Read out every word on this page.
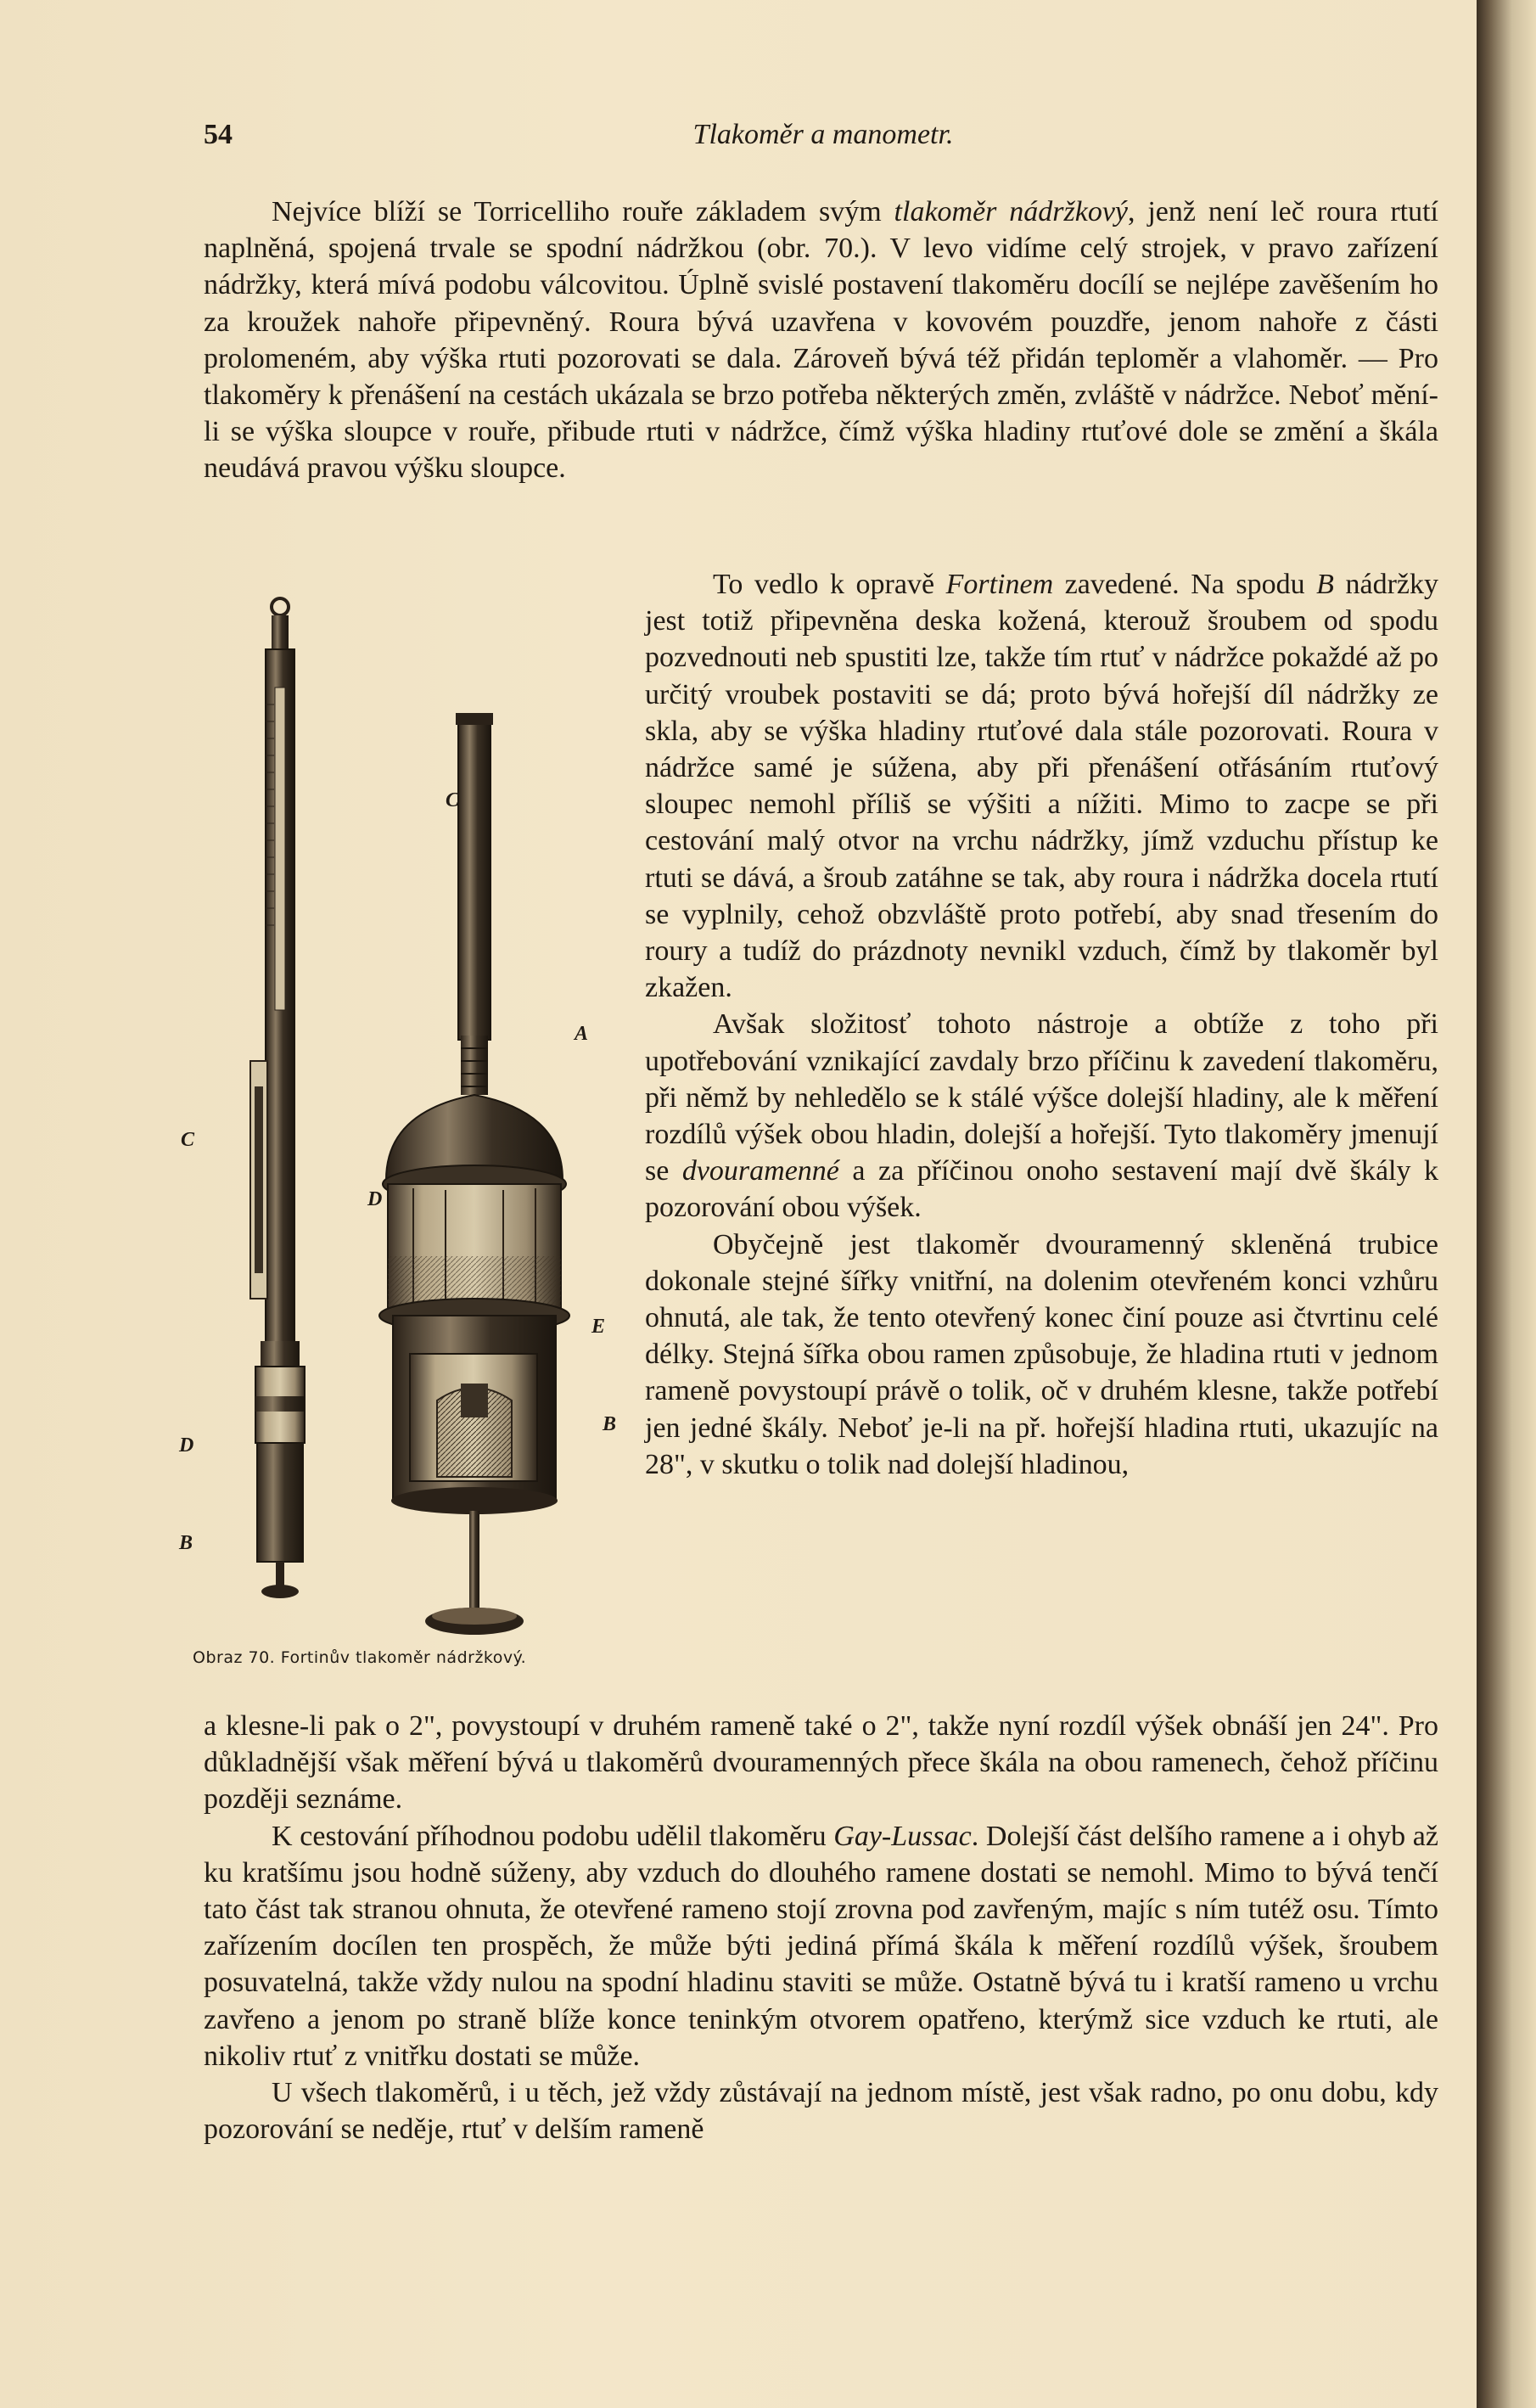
54	Tlakoměr a manometr.

Nejvíce blíží se Torricelliho rouře základem svým tlakoměr nádržkový, jenž není leč roura rtutí naplněná, spojená trvale se spodní nádržkou (obr. 70.). V levo vidíme celý strojek, v pravo zařízení nádržky, která mívá podobu válcovitou. Úplně svislé postavení tlakoměru docílí se nejlépe zavěšením ho za kroužek nahoře připevněný. Roura bývá uzavřena v kovovém pouzdře, jenom nahoře z části prolomeném, aby výška rtuti pozorovati se dala. Zároveň bývá též přidán teploměr a vlahoměr. — Pro tlakoměry k přenášení na cestách ukázala se brzo potřeba některých změn, zvláště v nádržce. Neboť mění-li se výška sloupce v rouře, přibude rtuti v nádržce, čímž výška hladiny rtuťové dole se změní a škála neudává pravou výšku sloupce.

To vedlo k opravě Fortinem zavedené. Na spodu B nádržky jest totiž připevněna deska kožená, kterouž šroubem od spodu pozvednouti neb spustiti lze, takže tím rtuť v nádržce pokaždé až po určitý vroubek postaviti se dá; proto bývá hořejší díl nádržky ze skla, aby se výška hladiny rtuťové dala stále pozorovati. Roura v nádržce samé je súžena, aby při přenášení otřásáním rtuťový sloupec nemohl příliš se výšiti a nížiti. Mimo to zacpe se při cestování malý otvor na vrchu nádržky, jímž vzduchu přístup ke rtuti se dává, a šroub zatáhne se tak, aby roura i nádržka docela rtutí se vyplnily, cehož obzvláště proto potřebí, aby snad třesením do roury a tudíž do prázdnoty nevnikl vzduch, čímž by tlakoměr byl zkažen.

Avšak složitosť tohoto nástroje a obtíže z toho při upotřebování vznikající zavdaly brzo příčinu k zavedení tlakoměru, při němž by nehledělo se k stálé výšce dolejší hladiny, ale k měření rozdílů výšek obou hladin, dolejší a hořejší. Tyto tlakoměry jmenují se dvouramenné a za příčinou onoho sestavení mají dvě škály k pozorování obou výšek.

Obyčejně jest tlakoměr dvouramenný skleněná trubice dokonale stejné šířky vnitřní, na dolenim otevřeném konci vzhůru ohnutá, ale tak, že tento otevřený konec činí pouze asi čtvrtinu celé délky. Stejná šířka obou ramen způsobuje, že hladina rtuti v jednom rameně povystoupí právě o tolik, oč v druhém klesne, takže potřebí jen jedné škály. Neboť je-li na př. hořejší hladina rtuti, ukazujíc na 28", v skutku o tolik nad dolejší hladinou,

a klesne-li pak o 2", povystoupí v druhém rameně také o 2", takže nyní rozdíl výšek obnáší jen 24". Pro důkladnější však měření bývá u tlakoměrů dvouramenných přece škála na obou ramenech, čehož příčinu později seznáme.

K cestování příhodnou podobu udělil tlakoměru Gay-Lussac. Dolejší část delšího ramene a i ohyb až ku kratšímu jsou hodně súženy, aby vzduch do dlouhého ramene dostati se nemohl. Mimo to bývá tenčí tato část tak stranou ohnuta, že otevřené rameno stojí zrovna pod zavřeným, majíc s ním tutéž osu. Tímto zařízením docílen ten prospěch, že může býti jediná přímá škála k měření rozdílů výšek, šroubem posuvatelná, takže vždy nulou na spodní hladinu staviti se může. Ostatně bývá tu i kratší rameno u vrchu zavřeno a jenom po straně blíže konce teninkým otvorem opatřeno, kterýmž sice vzduch ke rtuti, ale nikoliv rtuť z vnitřku dostati se může.

U všech tlakoměrů, i u těch, jež vždy zůstávají na jednom místě, jest však radno, po onu dobu, kdy pozorování se neděje, rtuť v delším rameně

C
D
B
C
A
D
E
B
Obraz 70. Fortinův tlakoměr nádržkový.
